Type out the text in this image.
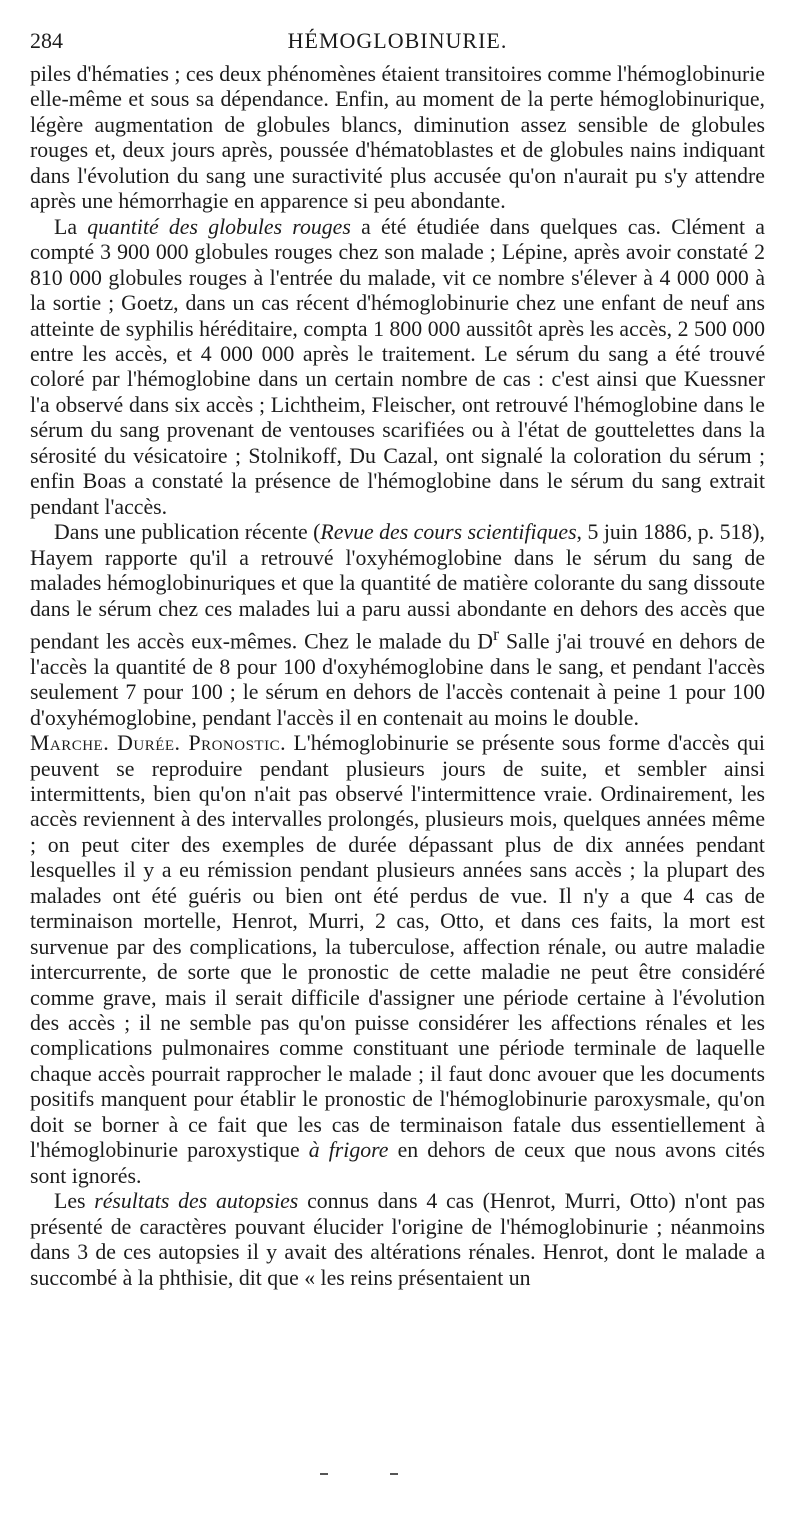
284	HÉMOGLOBINURIE.

piles d'hématies ; ces deux phénomènes étaient transitoires comme l'hémoglobinurie elle-même et sous sa dépendance. Enfin, au moment de la perte hémoglobinurique, légère augmentation de globules blancs, diminution assez sensible de globules rouges et, deux jours après, poussée d'hématoblastes et de globules nains indiquant dans l'évolution du sang une suractivité plus accusée qu'on n'aurait pu s'y attendre après une hémorrhagie en apparence si peu abondante.

La quantité des globules rouges a été étudiée dans quelques cas. Clément a compté 3 900 000 globules rouges chez son malade ; Lépine, après avoir constaté 2 810 000 globules rouges à l'entrée du malade, vit ce nombre s'élever à 4 000 000 à la sortie ; Goetz, dans un cas récent d'hémoglobinurie chez une enfant de neuf ans atteinte de syphilis héréditaire, compta 1 800 000 aussitôt après les accès, 2 500 000 entre les accès, et 4 000 000 après le traitement. Le sérum du sang a été trouvé coloré par l'hémoglobine dans un certain nombre de cas : c'est ainsi que Kuessner l'a observé dans six accès ; Lichtheim, Fleischer, ont retrouvé l'hémoglobine dans le sérum du sang provenant de ventouses scarifiées ou à l'état de gouttelettes dans la sérosité du vésicatoire ; Stolnikoff, Du Cazal, ont signalé la coloration du sérum ; enfin Boas a constaté la présence de l'hémoglobine dans le sérum du sang extrait pendant l'accès.

Dans une publication récente (Revue des cours scientifiques, 5 juin 1886, p. 518), Hayem rapporte qu'il a retrouvé l'oxyhémoglobine dans le sérum du sang de malades hémoglobinuriques et que la quantité de matière colorante du sang dissoute dans le sérum chez ces malades lui a paru aussi abondante en dehors des accès que pendant les accès eux-mêmes. Chez le malade du $D^r$ Salle j'ai trouvé en dehors de l'accès la quantité de 8 pour 100 d'oxyhémoglobine dans le sang, et pendant l'accès seulement 7 pour 100 ; le sérum en dehors de l'accès contenait à peine 1 pour 100 d'oxyhémoglobine, pendant l'accès il en contenait au moins le double.

Marche. Durée. Pronostic. L'hémoglobinurie se présente sous forme d'accès qui peuvent se reproduire pendant plusieurs jours de suite, et sembler ainsi intermittents, bien qu'on n'ait pas observé l'intermittence vraie. Ordinairement, les accès reviennent à des intervalles prolongés, plusieurs mois, quelques années même ; on peut citer des exemples de durée dépassant plus de dix années pendant lesquelles il y a eu rémission pendant plusieurs années sans accès ; la plupart des malades ont été guéris ou bien ont été perdus de vue. Il n'y a que 4 cas de terminaison mortelle, Henrot, Murri, 2 cas, Otto, et dans ces faits, la mort est survenue par des complications, la tuberculose, affection rénale, ou autre maladie intercurrente, de sorte que le pronostic de cette maladie ne peut être considéré comme grave, mais il serait difficile d'assigner une période certaine à l'évolution des accès ; il ne semble pas qu'on puisse considérer les affections rénales et les complications pulmonaires comme constituant une période terminale de laquelle chaque accès pourrait rapprocher le malade ; il faut donc avouer que les documents positifs manquent pour établir le pronostic de l'hémoglobinurie paroxysmale, qu'on doit se borner à ce fait que les cas de terminaison fatale dus essentiellement à l'hémoglobinurie paroxystique à frigore en dehors de ceux que nous avons cités sont ignorés.

Les résultats des autopsies connus dans 4 cas (Henrot, Murri, Otto) n'ont pas présenté de caractères pouvant élucider l'origine de l'hémoglobinurie ; néanmoins dans 3 de ces autopsies il y avait des altérations rénales. Henrot, dont le malade a succombé à la phthisie, dit que « les reins présentaient un
